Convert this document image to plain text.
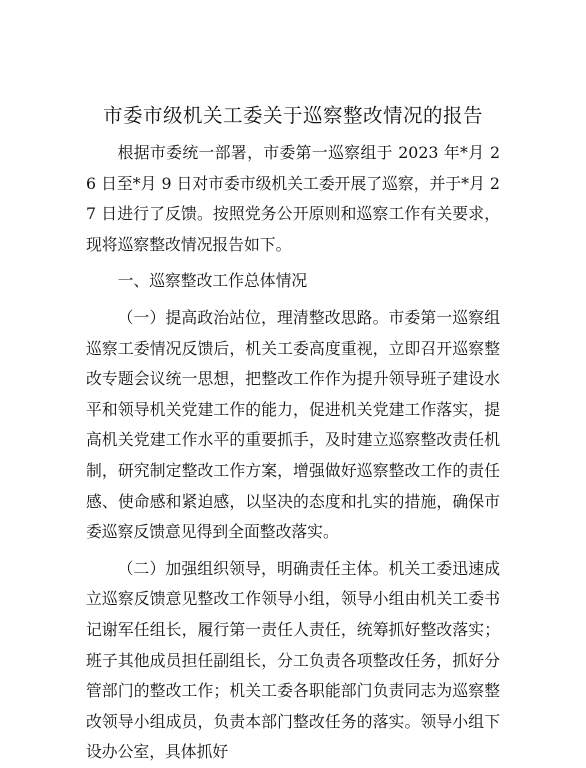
市委市级机关工委关于巡察整改情况的报告

根据市委统一部署，市委第一巡察组于 2023 年*月 26 日至*月 9 日对市委市级机关工委开展了巡察，并于*月 27 日进行了反馈。按照党务公开原则和巡察工作有关要求，现将巡察整改情况报告如下。

一、巡察整改工作总体情况

（一）提高政治站位，理清整改思路。市委第一巡察组巡察工委情况反馈后，机关工委高度重视，立即召开巡察整改专题会议统一思想，把整改工作作为提升领导班子建设水平和领导机关党建工作的能力，促进机关党建工作落实，提高机关党建工作水平的重要抓手，及时建立巡察整改责任机制，研究制定整改工作方案，增强做好巡察整改工作的责任感、使命感和紧迫感，以坚决的态度和扎实的措施，确保市委巡察反馈意见得到全面整改落实。

（二）加强组织领导，明确责任主体。机关工委迅速成立巡察反馈意见整改工作领导小组，领导小组由机关工委书记谢军任组长，履行第一责任人责任，统筹抓好整改落实；班子其他成员担任副组长，分工负责各项整改任务，抓好分管部门的整改工作；机关工委各职能部门负责同志为巡察整改领导小组成员，负责本部门整改任务的落实。领导小组下设办公室，具体抓好
